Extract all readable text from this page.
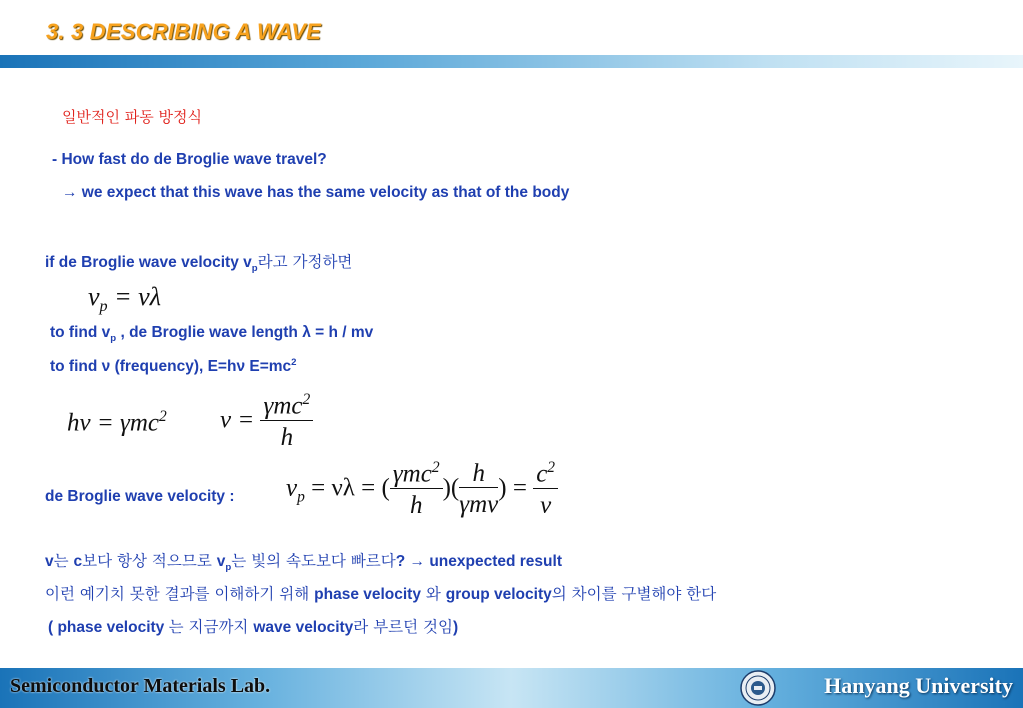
3. 3 DESCRIBING A WAVE
일반적인 파동 방정식
- How fast do de Broglie wave travel?
→ we expect that this wave has the same velocity as that of the body
if de Broglie wave velocity $v_p$라고 가정하면
$v_p = \nu\lambda$
to find $v_p$ , de Broglie wave length λ = h / mv
to find ν (frequency), E=hν $E=mc^2$
hν = γmc$^2$ $\nu = \frac{\gamma mc^2}{h}$
de Broglie wave velocity : $v_p = \nu\lambda$ = ( $\frac{\gamma mc^2}{h}$ )( $\frac{h}{\text{γmv}}$ ) = $\frac{c^2}{\nu}$
v는 c보다 항상 적으므로 $v_p$는 빛의 속도보다 빠르다? → unexpected result
이런 예기치 못한 결과를 이해하기 위해 phase velocity 와 group velocity의 차이를 구별해야 한다
( phase velocity 는 지금까지 wave velocity라 부르던 것임)
Semiconductor Materials Lab.	Hanyang University
